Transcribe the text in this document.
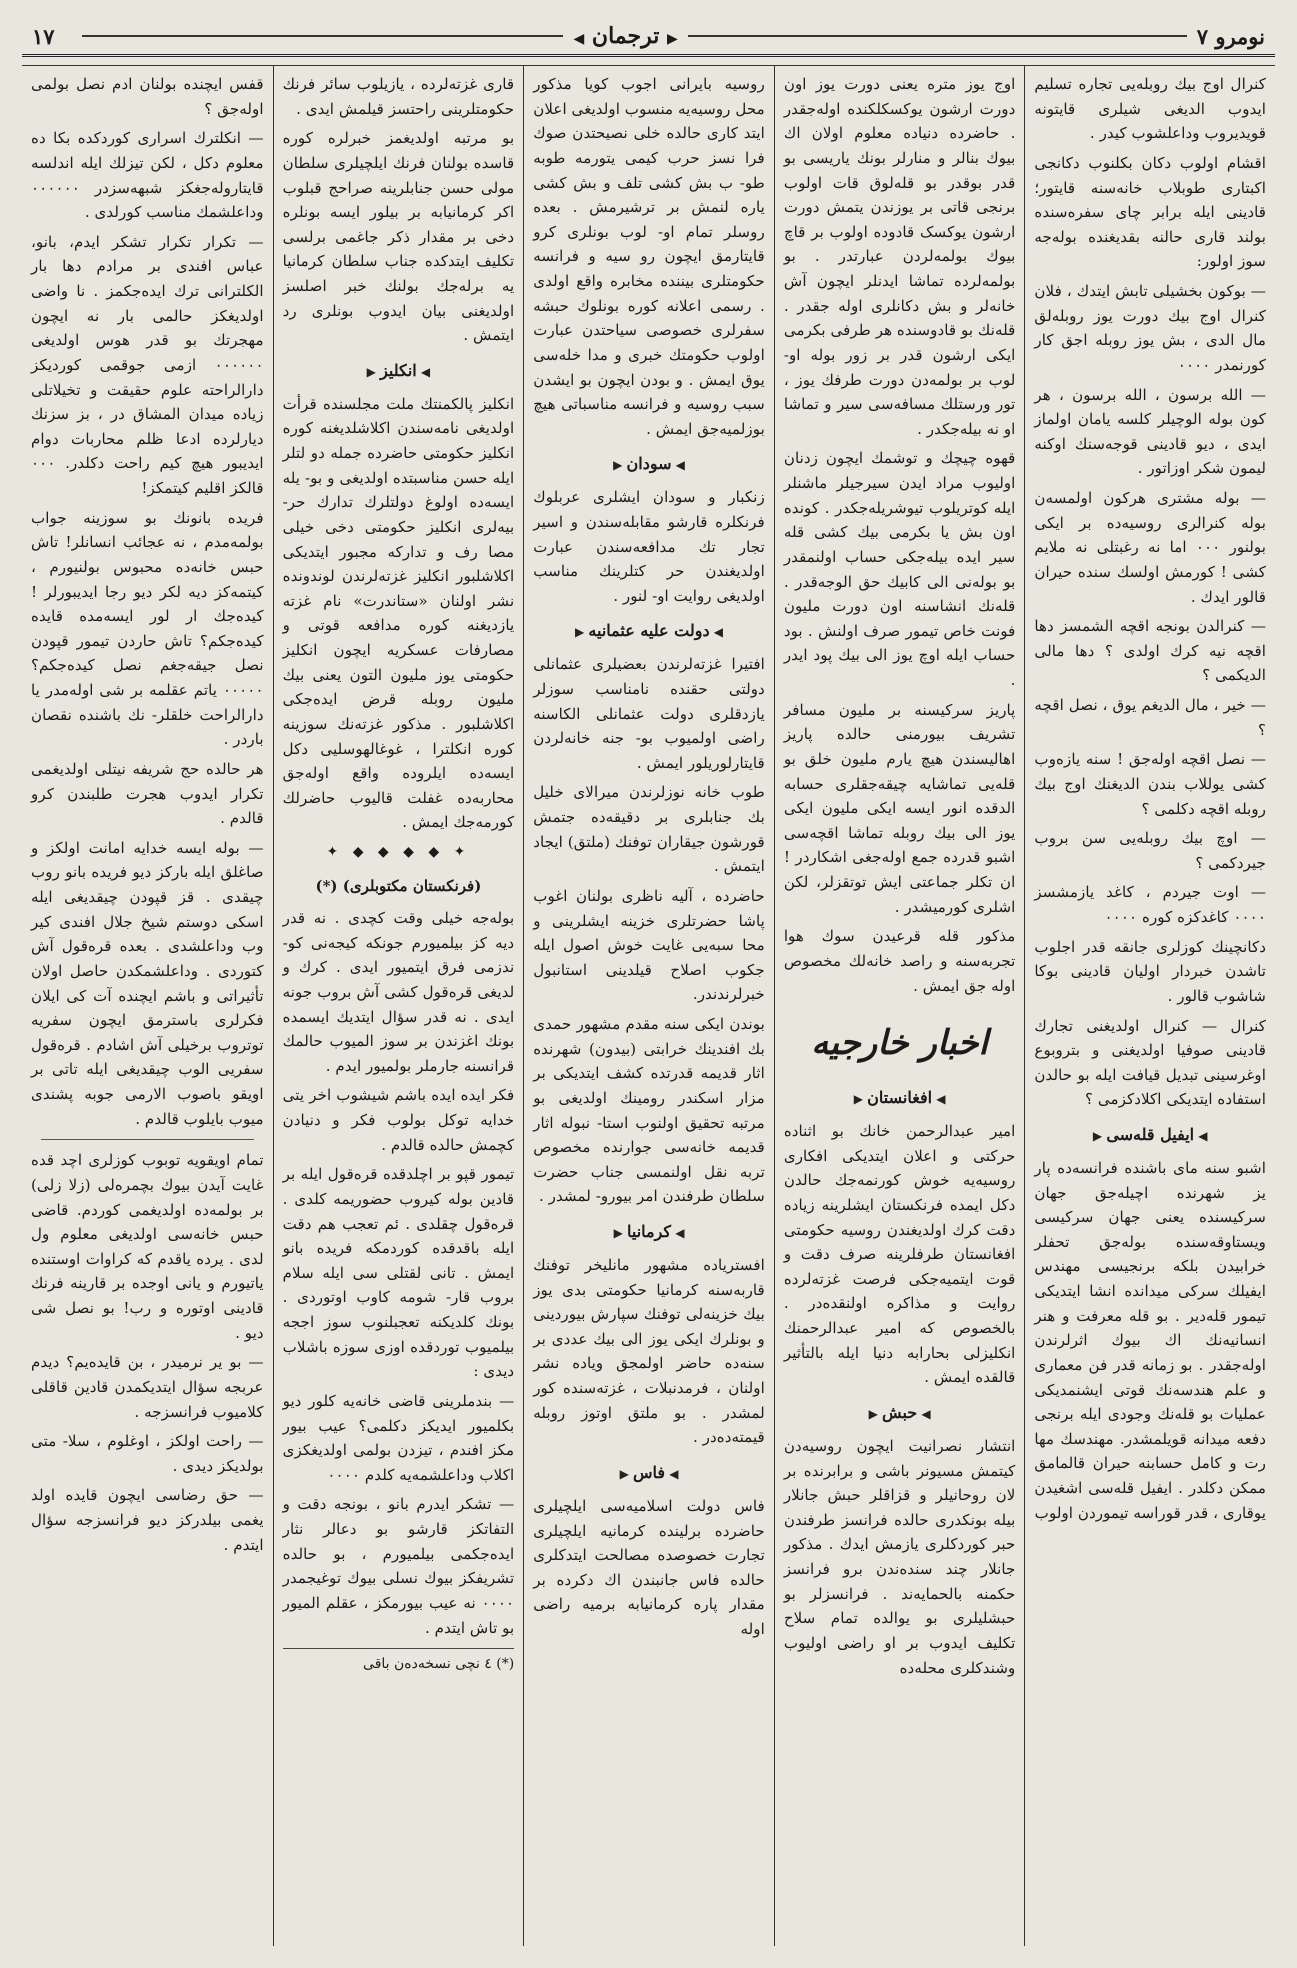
نومرو ۷
▶ ترجمان ◀
۱۷

کنرال اوج بیك روبله‌یی تجاره تسلیم ایدوب الدیغی شیلری قایتونه قویدیروب وداعلشوب کیدر .

اقشام اولوب دکان بکلنوب دکانجی اکبتاری طوبلاب خانه‌سنه قایتور؛ قادینی ایله برابر چای سفره‌سنده بولند قاری حالنه بقدیغنده بوله‌جه سوز اولور:

— بوکون بخشیلی تابش ایتدك ، فلان کنرال اوج بیك دورت یوز روبله‌لق مال الدی ، بش یوز روبله اجق کار کورنمدر ۰۰۰۰

— الله برسون ، الله برسون ، هر کون بوله الوچیلر کلسه یامان اولماز ایدی ، دیو قادینی قوجه‌سنك اوکنه لیمون شکر اوزاتور .

— بوله مشتری هرکون اولمسه‌ن بوله کنرالری روسیه‌ده بر ایکی بولنور ۰۰۰ اما نه رغبتلی نه ملایم کشی ! کورمش اولسك سنده حیران قالور ایدك .

— کنرالدن بونجه اقچه الشمسز دها اقچه نیه کرك اولدی ؟ دها مالی الدیکمی ؟

— خیر ، مال الدیغم یوق ، نصل اقچه ؟

— نصل اقچه اوله‌جق ! سنه یازه‌وب کشی یوللاب بندن الدیغنك اوج بیك روبله اقچه دکلمی ؟

— اوچ بیك روبله‌یی سن بروب جیردکمی ؟

— اوت جیردم ، کاغد یازمشسز ۰۰۰۰ کاغدکزه کوره ۰۰۰۰

دکانچینك کوزلری جانقه قدر اجلوب تاشدن خبردار اولیان قادینی بوکا شاشوب قالور .

کنرال — کنرال اولدیغنی تجارك قادینی صوفیا اولدیغنی و بتروبوع اوغرسینی تبدیل قیافت ایله بو حالدن استفاده ایتدیکی اکلادکزمی ؟

◀ ایفیل قله‌سی ▶

اشبو سنه مای باشنده فرانسه‌ده پار یز شهرنده اچیله‌جق جهان سرکیسنده یعنی جهان سرکیسی ویستاوقه‌سنده بوله‌جق تحفلر خرابیدن بلکه برنجیسی مهندس ایفیلك سرکی میدانده انشا ایتدیکی تیمور قله‌دیر . بو قله معرفت و هنر انسانیه‌نك اك بیوك اثرلرندن اوله‌جقدر . بو زمانه قدر فن معماری و علم هندسه‌نك قوتی ایشنمدیکی عملیات بو قله‌نك وجودی ایله برنجی دفعه میدانه قویلمشدر. مهندسك مها رت و کامل حسابنه حیران قالمامق ممکن دکلدر . ایفیل قله‌سی اشغیدن یوقاری ، قدر قوراسه تیموردن اولوب

اوج یوز متره یعنی دورت یوز اون دورت ارشون یوکسکلکنده اوله‌جقدر . حاضرده دنیاده معلوم اولان اك بیوك بنالر و منارلر بونك یاریسی بو قدر بوقدر بو قله‌لوق قات اولوب برنجی قاتی بر یوزندن یتمش دورت ارشون یوکسک قادوده اولوب بر قاچ بیوك بولمه‌لردن عبارتدر . بو بولمه‌لرده تماشا ایدنلر ایچون آش خانه‌لر و بش دکانلری اوله جقدر . قله‌نك بو قادوسنده هر طرفی بکرمی ایکی ارشون قدر بر زور بوله او- لوب بر بولمه‌دن دورت طرفك یوز ، تور ورستلك مسافه‌سی سیر و تماشا او نه بیله‌جکدر .

قهوه چیچك و توشمك ایچون زدنان اولیوب مراد ایدن سیرجیلر ماشنلر ایله کوتریلوب تیوشریله‌جکدر . کونده اون بش یا بکرمی بیك کشی قله سیر ایده بیله‌جکی حساب اولنمقدر بو بوله‌نی الی کابیك حق الوجه‌قدر . قله‌نك انشاسنه اون دورت ملیون فونت خاص تیمور صرف اولنش . بود حساب ایله اوچ یوز الی بیك پود ایدر .

پاریز سرکیسنه بر ملیون مسافر تشریف بیورمنی حالده پاریز اهالیسندن هیچ یارم ملیون خلق بو قله‌یی تماشایه چیقه‌جقلری حسابه الدقده انور ایسه ایکی ملیون ایکی یوز الی بیك روبله تماشا اقچه‌سی اشبو قدرده جمع اوله‌جغی اشکاردر ! ان تکلر جماعتی ایش توتقزلر، لکن اشلری کورمیشدر .

مذکور قله قرعیدن سوك هوا تجربه‌سنه و راصد خانه‌لك مخصوص اوله جق ایمش .

اخبار خارجیه
◀ افغانستان ▶

امیر عبدالرحمن خانك بو اثناده حرکتی و اعلان ایتدیکی افکاری روسیه‌یه خوش کورنمه‌جك حالدن دکل ایمده فرنکستان ایشلرینه زیاده دقت کرك اولدیغندن روسیه حکومتی افغانستان طرفلرینه صرف دقت و قوت ایتمیه‌جکی فرصت غزته‌لرده روایت و مذاکره اولنقده‌در . بالخصوص که امیر عبدالرحمنك انکلیزلی بحارابه دنیا ایله بالتأثیر قالقده ایمش .

◀ حبش ▶

انتشار نصرانیت ایچون روسیه‌دن کیتمش مسیونر باشی و برابرنده بر لان روحانیلر و قزاقلر حبش جانلار بیله بونکدری حالده فرانسز طرفندن حبر کوردکلری یازمش ایدك . مذکور جانلار چند سنده‌ندن برو فرانسز حکمنه بالحمایه‌ند . فرانسزلر بو حبشلیلری بو یوالده تمام سلاح تکلیف ایدوب بر او راضی اولیوب وشندکلری محله‌ده

روسیه بایرانی اجوب کویا مذکور محل روسیه‌یه منسوب اولدیغی اعلان ایتد کاری حالده خلی نصیحتدن صوك فرا نسز حرب کیمی یتورمه طوبه طو- ب بش کشی تلف و بش کشی یاره لنمش بر ترشیرمش . بعده روسلر تمام او- لوب بونلری کرو قایتارمق ایچون رو سیه و فرانسه حکومتلری بیننده مخابره واقع اولدی . رسمی اعلانه کوره بونلوك حبشه سفرلری خصوصی سیاحتدن عبارت اولوب حکومتك خبری و مدا خله‌سی یوق ایمش . و بودن ایچون بو ایشدن سبب روسیه و فرانسه مناسباتی هیچ بوزلمیه‌جق ایمش .

◀ سودان ▶

زنکبار و سودان ایشلری عربلوك فرنکلره قارشو مقابله‌سندن و اسیر تجار تك مدافعه‌سندن عبارت اولدیغندن حر کتلرینك مناسب اولدیغی روایت او- لنور .

◀ دولت علیه عثمانیه ▶

افتیرا غزته‌لرندن بعضیلری عثمانلی دولتی حقنده نامناسب سوزلر یازدقلری دولت عثمانلی الکاسنه راضی اولمیوب بو- جنه خانه‌لردن قایتارلوریلور ایمش .

طوب خانه نوزلرندن میرالای خلیل بك جنابلری بر دقیقه‌ده جتمش قورشون جیقاران توفنك (ملتق) ایجاد ایتمش .

حاضرده ، آلیه ناظری بولنان اغوب پاشا حضرتلری خزینه ایشلرینی و محا سبه‌یی غایت خوش اصول ایله جکوب اصلاح قیلدینی استانبول خبرلرندندر.

بوندن ایکی سنه مقدم مشهور حمدی بك افندینك خرابتی (بیدون) شهرنده اثار قدیمه قدرتده کشف ایتدیکی بر مزار اسکندر رومینك اولدیغی بو مرتبه تحقیق اولنوب استا- نبوله اثار قدیمه خانه‌سی جوارنده مخصوص تربه نقل اولنمسی جناب حضرت سلطان طرفندن امر بیورو- لمشدر .

◀ کرمانیا ▶

افستریاده مشهور مانلیخر توفنك قاربه‌سنه کرمانیا حکومتی بدی یوز بیك خزینه‌لی توفنك سپارش بیوردینی و بونلرك ایکی یوز الی بیك عددی بر سنه‌ده حاضر اولمجق ویاده نشر اولنان ، فرمدنبلات ، غزته‌سنده کور لمشدر . بو ملتق اوتوز روبله قیمته‌ده‌در .

◀ فاس ▶

فاس دولت اسلامیه‌سی ایلچیلری حاضرده برلینده کرمانیه ایلچیلری تجارت خصوصده مصالحت ایتدکلری حالده فاس جانبندن اك دکرده بر مقدار پاره کرمانیابه برمیه راضی اوله

قاری غزته‌لرده ، یازیلوب سائر فرنك حکومتلرینی راحتسز قیلمش ایدی .

بو مرتبه اولدیغمز خبرلره کوره قاسده بولنان فرنك ایلچیلری سلطان مولی حسن جنابلرینه صراحج قبلوب اکر کرمانیابه بر بیلور ایسه بونلره دخی بر مقدار ذکر جاغمی برلسی تکلیف ایتدکده جناب سلطان کرمانیا یه برله‌جك بولنك خبر اصلسز اولدیغنی بیان ایدوب بونلری رد ایتمش .

◀ انکلیز ▶

انکلیز پالکمنتك ملت مجلسنده قرأت اولدیغی نامه‌سندن اکلاشلدیغنه کوره انکلیز حکومتی حاضرده جمله دو لتلر ایله حسن مناسبتده اولدیغی و بو- یله ایسه‌ده اولوغ دولتلرك تدارك حر- بیه‌لری انکلیز حکومتی دخی خیلی مصا رف و تدارکه مجبور ایتدیکی اکلاشلبور انکلیز غزته‌لرندن لوندونده نشر اولنان «ستاندرت» نام غزته یازدیغنه کوره مدافعه قوتی و مصارفات عسکریه ایچون انکلیز حکومتی یوز ملیون التون یعنی بیك ملیون روبله قرض ایده‌جکی اکلاشلبور . مذکور غزته‌نك سوزینه کوره انکلترا ، غوغالهوسلیی دکل ایسه‌ده ایلروده واقع اوله‌جق محاربه‌ده غفلت قالیوب حاضرلك کورمه‌جك ایمش .

✦ ◆ ◆ ◆ ◆ ✦
(فرنکستان مکتوبلری) (*)

بوله‌جه خیلی وقت کچدی . نه قدر دیه کز بیلمیورم جونکه کیجه‌نی کو- ندزمی فرق ایتمیور ایدی . کرك و لدیغی قره‌قول کشی آش بروب جونه ایدی . نه قدر سؤال ایتدیك ایسمده بونك اغزندن بر سوز المیوب حالمك قرانسنه جارملر بولمیور ایدم .

فکر ایده ایده باشم شیشوب اخر یتی خدایه توکل بولوب فکر و دنیادن کچمش حالده قالدم .

تیمور قپو بر اچلدقده قره‌قول ایله بر قادین بوله کیروب حضوریمه کلدی . قره‌قول چقلدی . ئم تعجب هم دقت ایله باقدقده کوردمکه فریده بانو ایمش . تانی لقتلی سی ایله سلام بروب قار- شومه کاوب اوتوردی . بونك کلدیکنه تعجبلنوب سوز اججه بیلمیوب توردقده اوزی سوزه باشلاب دیدی :

— بندملرینی قاضی خانه‌یه کلور دیو بکلمیور ایدیکز دکلمی؟ عیب بیور مکز افندم ، تیزدن بولمی اولدیغکزی اکلاب وداعلشمه‌یه کلدم ۰۰۰۰

— تشکر ایدرم بانو ، بونجه دقت و التفاتکز قارشو بو دعالر نثار ایده‌جکمی بیلمیورم ، بو حالده تشریفکز بیوك نسلی بیوك توغیجمدر ۰۰۰۰ نه عیب بیورمکز ، عقلم المیور بو تاش ایتدم .

(*) ٤ نچی نسخه‌ده‌ن باقی

قفس ایچنده بولنان ادم نصل بولمی اوله‌جق ؟

— انکلترك اسراری کوردکده بکا ده معلوم دکل ، لکن تیزلك ایله اندلسه قایتاروله‌جغکز شبهه‌سزدر ۰۰۰۰۰۰ وداعلشمك مناسب کورلدی .

— تکرار تکرار تشکر ایدم، بانو، عباس افندی بر مرادم دها بار الکلترانی ترك ایده‌جکمز . نا واضی اولدیغکز حالمی بار نه ایچون مهجرتك بو قدر هوس اولدیغی ۰۰۰۰۰۰ ازمی جوقمی کوردیکز دارالراحته علوم حقیقت و تخیلاتلی زیاده میدان المشاق در ، بز سزنك دیارلرده ادعا ظلم محاربات دوام ایدیبور هیچ کیم راحت دکلدر. ۰۰۰ قالکز اقلیم کیتمکز!

فریده بانونك بو سوزینه جواب بولمه‌مدم ، نه عجائب انسانلر! تاش حبس خانه‌ده محبوس بولنیورم ، کیتمه‌کز دیه لکر دیو رجا ایدیبورلر ! کیده‌جك ار لور ایسه‌مده قایده کیده‌جکم؟ تاش حاردن تیمور قپودن نصل جیقه‌جغم نصل کیده‌جکم؟ ۰۰۰۰۰ یاتم عقلمه بر شی اوله‌مدر یا دارالراحت خلقلر- نك باشنده نقصان باردر .

هر حالده حج شریفه نیتلی اولدیغمی تکرار ایدوب هجرت طلبندن کرو قالدم .

— بوله ایسه خدایه امانت اولکز و صاغلق ایله بارکز دیو فریده بانو روب چیقدی . قز قپودن چیقدیغی ایله اسکی دوستم شیخ جلال افندی کیر وب وداعلشدی . بعده قره‌قول آش کتوردی . وداعلشمکدن حاصل اولان تأثیراتی و باشم ایچنده آت کی ایلان فکرلری باسترمق ایچون سفریه توتروب برخیلی آش اشادم . قره‌قول سفریی الوب چیقدیغی ایله تاتی بر اویقو باصوب الارمی جوبه پشندی میوب بایلوب قالدم .

تمام اویقویه توبوب کوزلری اچد قده غایت آیدن بیوك بچمره‌لی (زلا زلی) بر بولمه‌ده اولدیغمی کوردم. قاضی حبس خانه‌سی اولدیغی معلوم ول لدی . یرده یاقدم که کراوات اوستنده یاتیورم و یانی اوجده بر قارینه فرنك قادینی اوتوره و رب! بو نصل شی دیو .

— بو یر نرمیدر ، بن قایده‌یم؟ دیدم عربجه سؤال ایتدیکمدن قادین قاقلی کلامیوب فرانسزجه .

— راحت اولکز ، اوغلوم ، سلا- متی بولدیکز دیدی .

— حق رضاسی ایچون قایده اولد یغمی بیلدرکز دیو فرانسزجه سؤال ایتدم .
